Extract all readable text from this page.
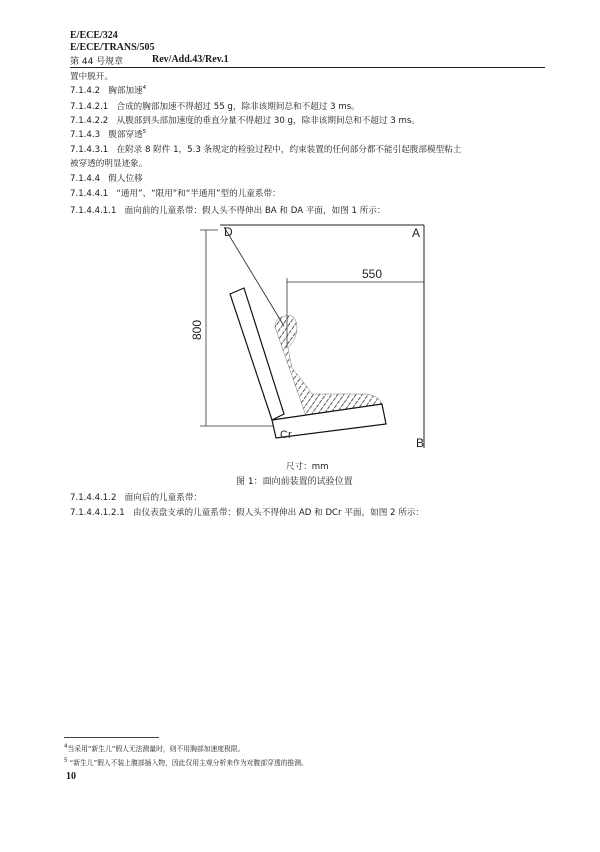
E/ECE/324
E/ECE/TRANS/505
第 44 号规章	Rev/Add.43/Rev.1
置中脱开。
7.1.4.2 胸部加速$^4$
7.1.4.2.1 合成的胸部加速不得超过 55 g，除非该期间总和不超过 3 ms。
7.1.4.2.2 从腹部到头部加速度的垂直分量不得超过 30 g，除非该期间总和不超过 3 ms。
7.1.4.3 腹部穿透$^5$
7.1.4.3.1 在附录 8 附件 1，5.3 条规定的检验过程中，约束装置的任何部分都不能引起腹部模型粘土
被穿透的明显迹象。
7.1.4.4 假人位移
7.1.4.4.1 “通用”、“限用”和“半通用”型的儿童系带：
7.1.4.4.1.1 面向前的儿童系带：假人头不得伸出 BA 和 DA 平面，如图 1 所示：
D	A
B
Cr
550
800
尺寸：mm
图 1：面向前装置的试验位置
7.1.4.4.1.2 面向后的儿童系带：
7.1.4.4.1.2.1 由仪表盘支承的儿童系带：假人头不得伸出 AD 和 DCr 平面，如图 2 所示：
$^4$当采用“新生儿”假人无法测量时，则不用胸部加速度极限。
$^5$ “新生儿”假人不装上腹部插入物，因此仅用主观分析来作为对腹部穿透的推测。
10
